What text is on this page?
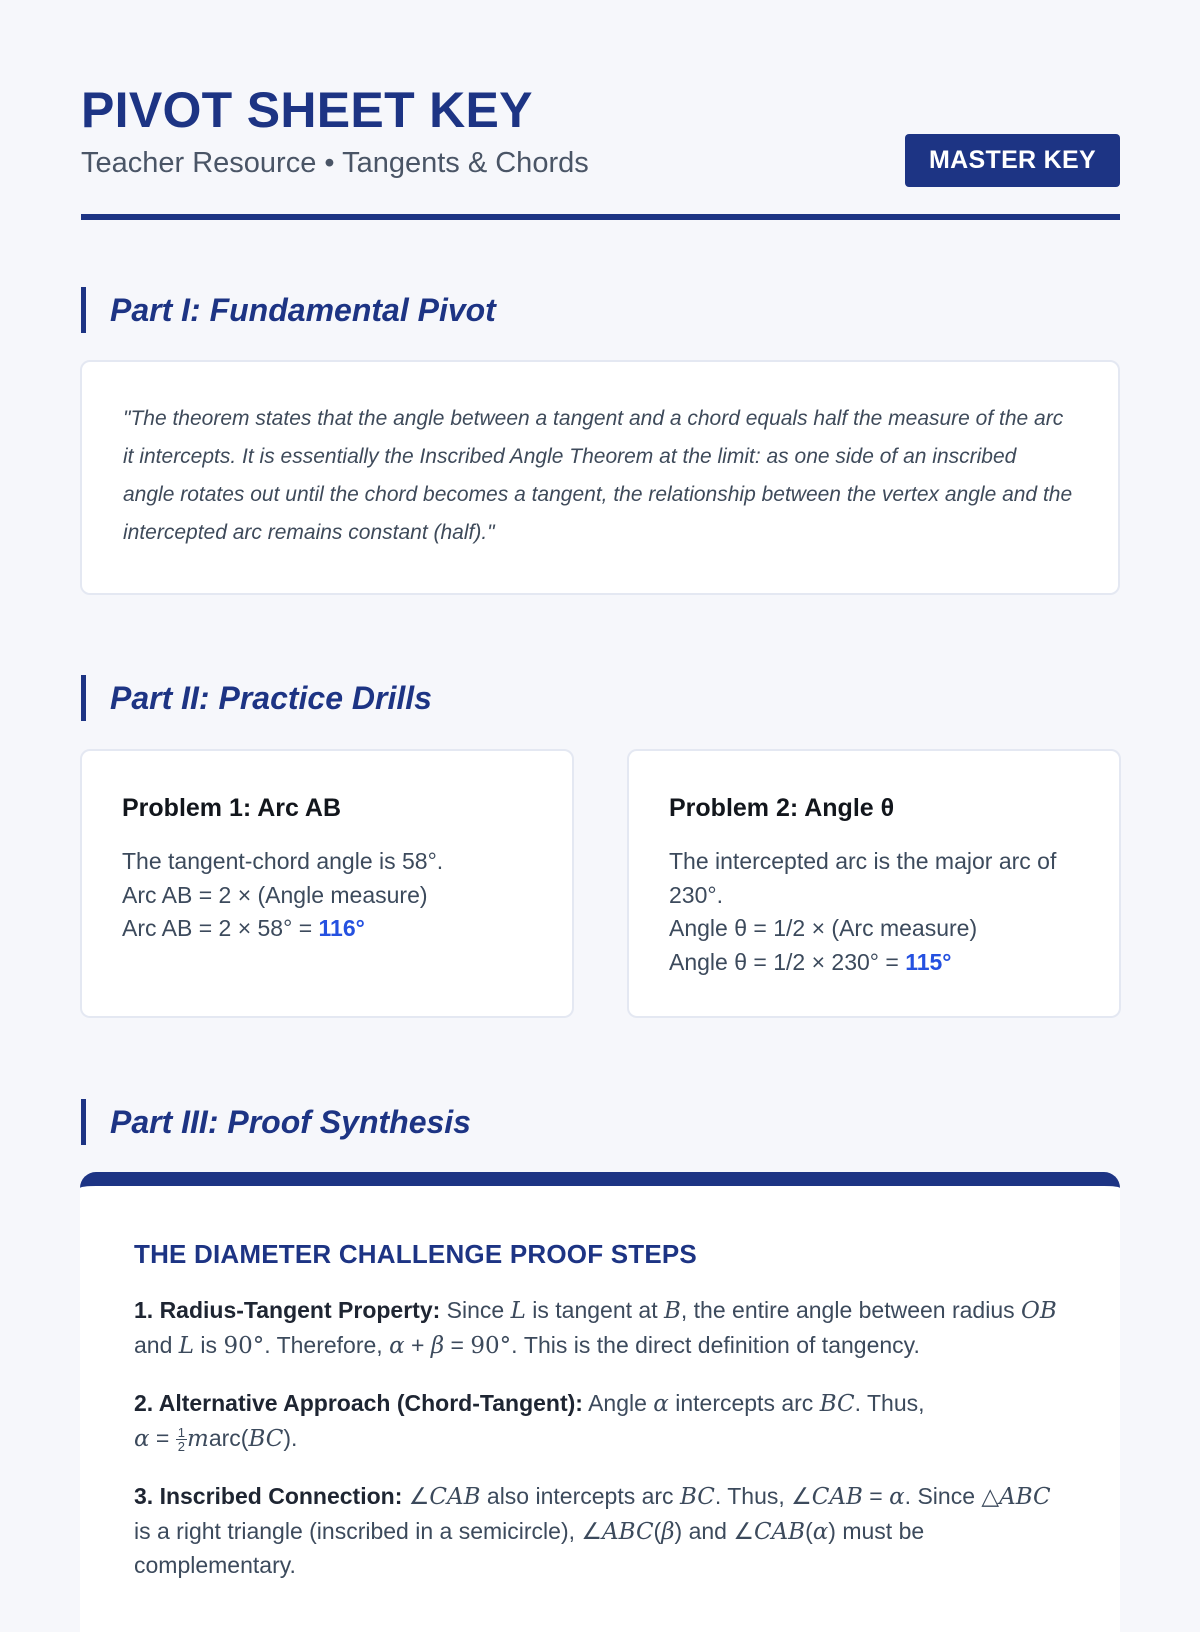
PIVOT SHEET KEY
Teacher Resource • Tangents & Chords	MASTER KEY
Part I: Fundamental Pivot

"The theorem states that the angle between a tangent and a chord equals half the measure of the arc it intercepts. It is essentially the Inscribed Angle Theorem at the limit: as one side of an inscribed angle rotates out until the chord becomes a tangent, the relationship between the vertex angle and the intercepted arc remains constant (half)."

Part II: Practice Drills
Problem 1: Arc AB
The tangent-chord angle is 58°.
Arc AB = 2 × (Angle measure)
Arc AB = 2 × 58° = 116°
Problem 2: Angle θ
The intercepted arc is the major arc of 230°.
Angle θ = 1/2 × (Arc measure)
Angle θ = 1/2 × 230° = 115°
Part III: Proof Synthesis
THE DIAMETER CHALLENGE PROOF STEPS

1. Radius-Tangent Property: Since L is tangent at B, the entire angle between radius OB and L is 90°. Therefore, α + β = 90°. This is the direct definition of tangency.

2. Alternative Approach (Chord-Tangent): Angle α intercepts arc BC. Thus,
$\alpha = \frac{1}{2}$ marc(BC).

3. Inscribed Connection: ∠CAB also intercepts arc BC. Thus, ∠CAB = α. Since △ABC is a right triangle (inscribed in a semicircle), ∠ABC(β) and ∠CAB(α) must be complementary.
